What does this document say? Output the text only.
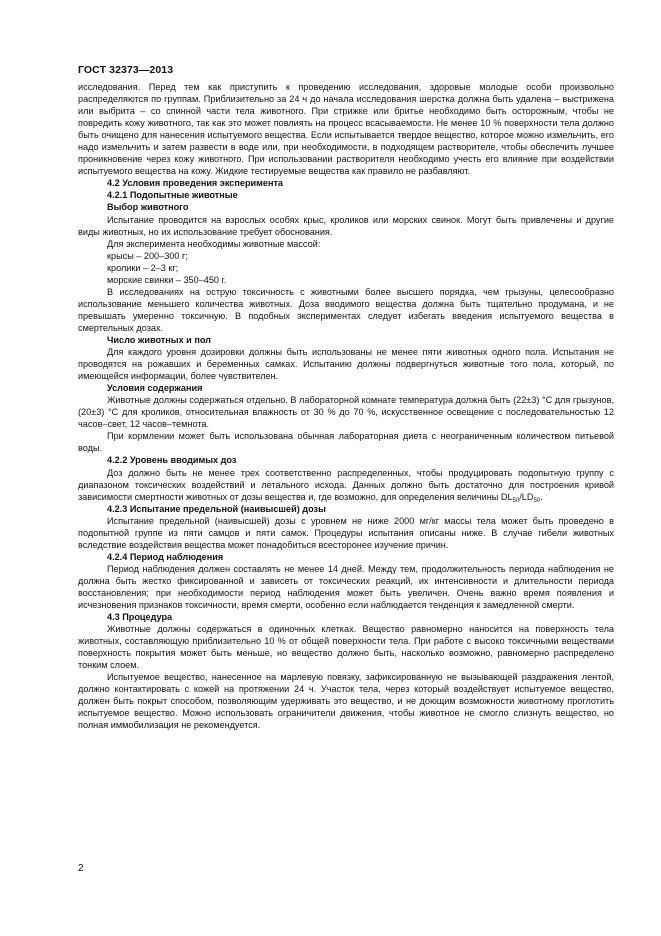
ГОСТ 32373—2013

исследования. Перед тем как приступить к проведению исследования, здоровые молодые особи произвольно распределяются по группам. Приблизительно за 24 ч до начала исследования шерстка должна быть удалена – выстрижена или выбрита – со спинной части тела животного. При стрижке или бритье необходимо быть осторожным, чтобы не повредить кожу животного, так как это может повлиять на процесс всасываемости. Не менее 10 % поверхности тела должно быть очищено для нанесения испытуемого вещества. Если испытывается твердое вещество, которое можно измельчить, его надо измельчить и затем развести в воде или, при необходимости, в подходящем растворителе, чтобы обеспечить лучшее проникновение через кожу животного. При использовании растворителя необходимо учесть его влияние при воздействии испытуемого вещества на кожу. Жидкие тестируемые вещества как правило не разбавляют.

4.2 Условия проведения эксперимента
4.2.1 Подопытные животные
Выбор животного

Испытание проводится на взрослых особях крыс, кроликов или морских свинок. Могут быть привлечены и другие виды животных, но их использование требует обоснования.

Для эксперимента необходимы животные массой:

крысы – 200–300 г;

кролики – 2–3 кг;

морские свинки – 350–450 г.

В исследованиях на острую токсичность с животными более высшего порядка, чем грызуны, целесообразно использование меньшего количества животных. Доза вводимого вещества должна быть тщательно продумана, и не превышать умеренно токсичную. В подобных экспериментах следует избегать введения испытуемого вещества в смертельных дозах.

Число животных и пол

Для каждого уровня дозировки должны быть использованы не менее пяти животных одного пола. Испытания не проводятся на рожавших и беременных самках. Испытанию должны подвергнуться животные того пола, который, по имеющейся информации, более чувствителен.

Условия содержания

Животные должны содержаться отдельно. В лабораторной комнате температура должна быть (22±3) °С для грызунов, (20±3) °С для кроликов, относительная влажность от 30 % до 70 %, искусственное освещение с последовательностью 12 часов–свет, 12 часов–темнота.

При кормлении может быть использована обычная лабораторная диета с неограниченным количеством питьевой воды.

4.2.2 Уровень вводимых доз

Доз должно быть не менее трех соответственно распределенных, чтобы продуцировать подопытную группу с диапазоном токсических воздействий и летального исхода. Данных должно быть достаточно для построения кривой зависимости смертности животных от дозы вещества и, где возможно, для определения величины $DL_{50}/LD_{50}$.

4.2.3 Испытание предельной (наивысшей) дозы

Испытание предельной (наивысшей) дозы с уровнем не ниже 2000 мг/кг массы тела может быть проведено в подопытной группе из пяти самцов и пяти самок. Процедуры испытания описаны ниже. В случае гибели животных вследствие воздействия вещества может понадобиться всесторонее изучение причин.

4.2.4 Период наблюдения

Период наблюдения должен составлять не менее 14 дней. Между тем, продолжительность периода наблюдения не должна быть жестко фиксированной и зависеть от токсических реакций, их интенсивности и длительности периода восстановления; при необходимости период наблюдения может быть увеличен. Очень важно время появления и исчезновения признаков токсичности, время смерти, особенно если наблюдается тенденция к замедленной смерти.

4.3 Процедура

Животные должны содержаться в одиночных клетках. Вещество равномерно наносится на поверхность тела животных, составляющую приблизительно 10 % от общей поверхности тела. При работе с высоко токсичными веществами поверхность покрытия может быть меньше, но вещество должно быть, насколько возможно, равномерно распределено тонким слоем.

Испытуемое вещество, нанесенное на марлевую повязку, зафиксированную не вызывающей раздражения лентой, должно контактировать с кожей на протяжении 24 ч. Участок тела, через который воздействует испытуемое вещество, должен быть покрыт способом, позволяющим удерживать это вещество, и не доющим возможности животному проглотить испытуемое вещество. Можно использовать ограничители движения, чтобы животное не смогло слизнуть вещество, но полная иммобилизация не рекомендуется.

2
